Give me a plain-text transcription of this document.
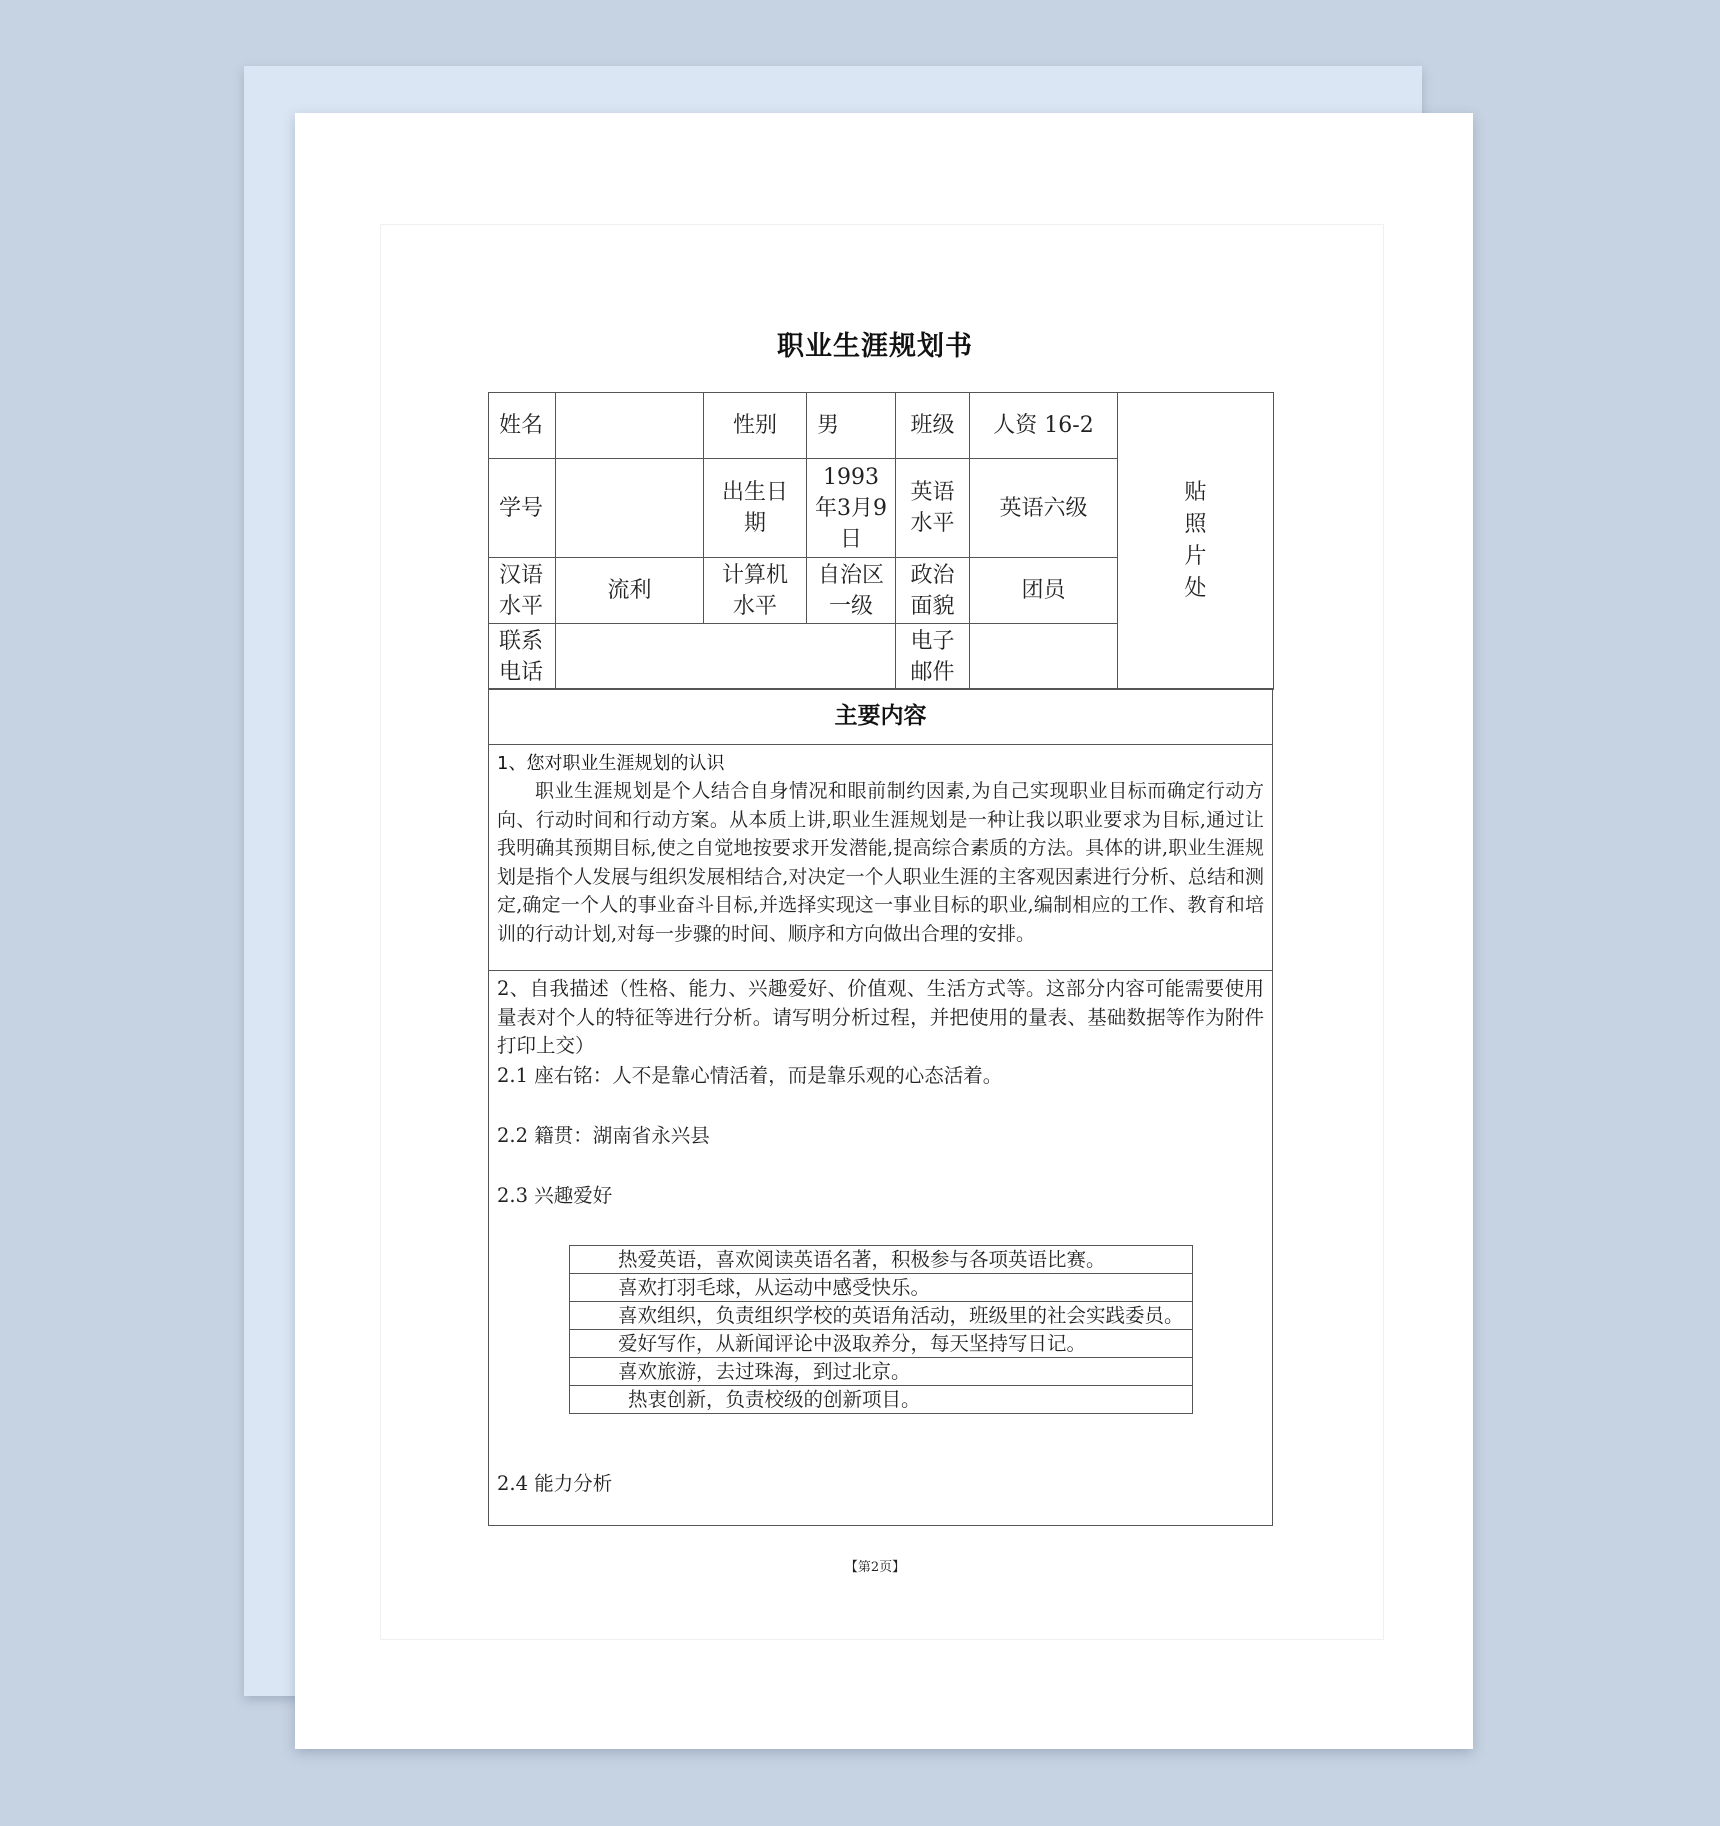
职业生涯规划书
姓名		性别	男	班级	人资 16-2	贴照片处
学号		出生日期	1993年3月9日	英语水平	英语六级	
汉语水平	流利	计算机水平	自治区一级	政治面貌	团员	
联系电话				电子邮件		
主要内容
1、您对职业生涯规划的认识

职业生涯规划是个人结合自身情况和眼前制约因素,为自己实现职业目标而确定行动方向、行动时间和行动方案。从本质上讲,职业生涯规划是一种让我以职业要求为目标,通过让我明确其预期目标,使之自觉地按要求开发潜能,提高综合素质的方法。具体的讲,职业生涯规划是指个人发展与组织发展相结合,对决定一个人职业生涯的主客观因素进行分析、总结和测定,确定一个人的事业奋斗目标,并选择实现这一事业目标的职业,编制相应的工作、教育和培训的行动计划,对每一步骤的时间、顺序和方向做出合理的安排。

2、自我描述（性格、能力、兴趣爱好、价值观、生活方式等。这部分内容可能需要使用量表对个人的特征等进行分析。请写明分析过程，并把使用的量表、基础数据等作为附件打印上交）

2.1 座右铭：人不是靠心情活着，而是靠乐观的心态活着。

2.2 籍贯：湖南省永兴县

2.3 兴趣爱好

热爱英语，喜欢阅读英语名著，积极参与各项英语比赛。
喜欢打羽毛球，从运动中感受快乐。
喜欢组织，负责组织学校的英语角活动，班级里的社会实践委员。
爱好写作，从新闻评论中汲取养分，每天坚持写日记。
喜欢旅游，去过珠海，到过北京。
热衷创新，负责校级的创新项目。

2.4 能力分析

【第2页】
